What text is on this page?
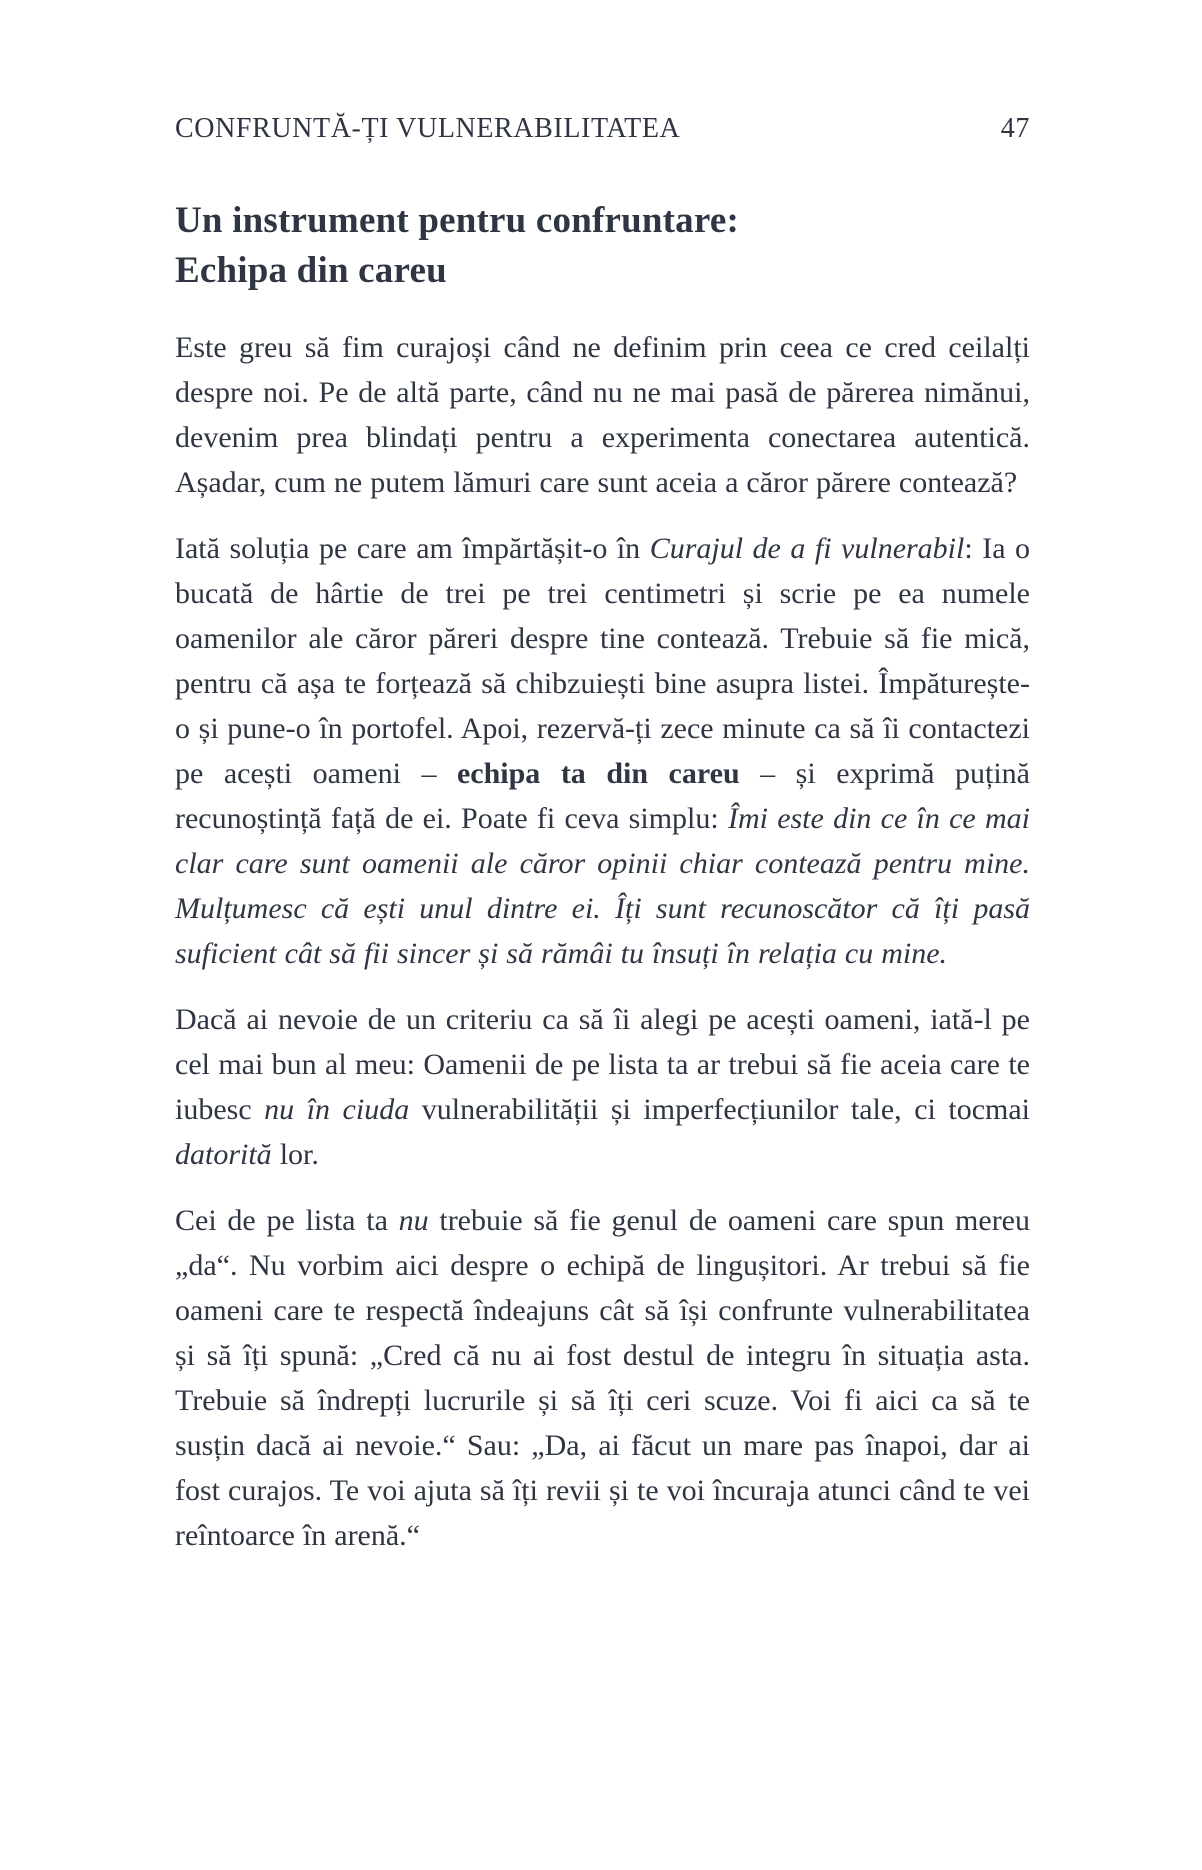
CONFRUNTĂ-ȚI VULNERABILITATEA	47
Un instrument pentru confruntare:
Echipa din careu

Este greu să fim curajoși când ne definim prin ceea ce cred ceilalți despre noi. Pe de altă parte, când nu ne mai pasă de părerea nimănui, devenim prea blindați pentru a experimenta conectarea autentică. Așadar, cum ne putem lămuri care sunt aceia a căror părere contează?

Iată soluția pe care am împărtășit-o în Curajul de a fi vulnerabil: Ia o bucată de hârtie de trei pe trei centimetri și scrie pe ea numele oamenilor ale căror păreri despre tine contează. Trebuie să fie mică, pentru că așa te forțează să chibzuiești bine asupra listei. Împăturește-o și pune-o în portofel. Apoi, rezervă-ți zece minute ca să îi contactezi pe acești oameni – echipa ta din careu – și exprimă puțină recunoștință față de ei. Poate fi ceva simplu: Îmi este din ce în ce mai clar care sunt oamenii ale căror opinii chiar contează pentru mine. Mulțumesc că ești unul dintre ei. Îți sunt recunoscător că îți pasă suficient cât să fii sincer și să rămâi tu însuți în relația cu mine.

Dacă ai nevoie de un criteriu ca să îi alegi pe acești oameni, iată-l pe cel mai bun al meu: Oamenii de pe lista ta ar trebui să fie aceia care te iubesc nu în ciuda vulnerabilității și imperfecțiunilor tale, ci tocmai datorită lor.

Cei de pe lista ta nu trebuie să fie genul de oameni care spun mereu „da“. Nu vorbim aici despre o echipă de lingușitori. Ar trebui să fie oameni care te respectă îndeajuns cât să își confrunte vulnerabilitatea și să îți spună: „Cred că nu ai fost destul de integru în situația asta. Trebuie să îndrepți lucrurile și să îți ceri scuze. Voi fi aici ca să te susțin dacă ai nevoie.“ Sau: „Da, ai făcut un mare pas înapoi, dar ai fost curajos. Te voi ajuta să îți revii și te voi încuraja atunci când te vei reîntoarce în arenă.“
